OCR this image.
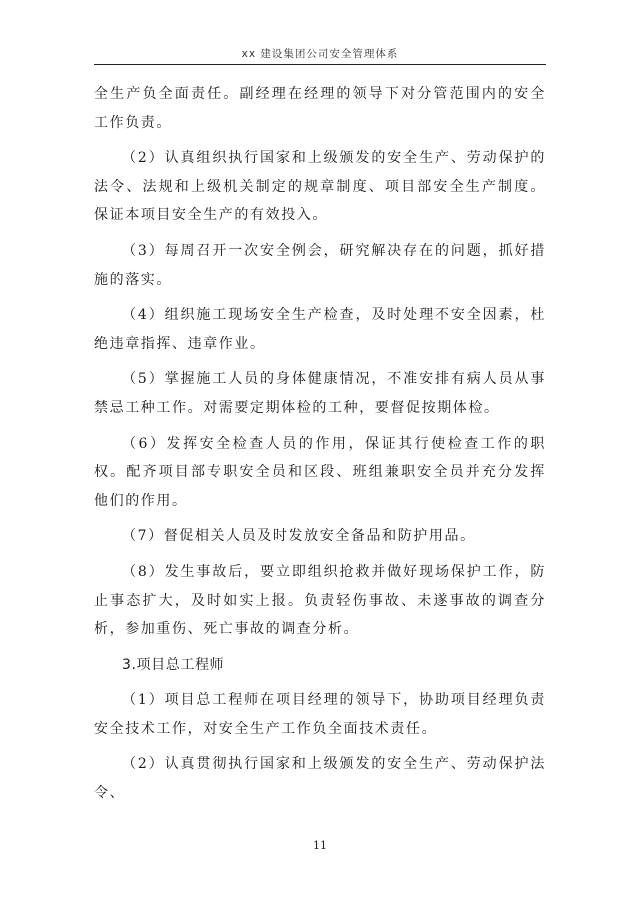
xx 建设集团公司安全管理体系

全生产负全面责任。副经理在经理的领导下对分管范围内的安全工作负责。

（2）认真组织执行国家和上级颁发的安全生产、劳动保护的法令、法规和上级机关制定的规章制度、项目部安全生产制度。保证本项目安全生产的有效投入。

（3）每周召开一次安全例会，研究解决存在的问题，抓好措施的落实。

（4）组织施工现场安全生产检查，及时处理不安全因素，杜绝违章指挥、违章作业。

（5）掌握施工人员的身体健康情况，不准安排有病人员从事禁忌工种工作。对需要定期体检的工种，要督促按期体检。

（6）发挥安全检查人员的作用，保证其行使检查工作的职权。配齐项目部专职安全员和区段、班组兼职安全员并充分发挥他们的作用。

（7）督促相关人员及时发放安全备品和防护用品。

（8）发生事故后，要立即组织抢救并做好现场保护工作，防止事态扩大，及时如实上报。负责轻伤事故、未遂事故的调查分析，参加重伤、死亡事故的调查分析。

3.项目总工程师

（1）项目总工程师在项目经理的领导下，协助项目经理负责安全技术工作，对安全生产工作负全面技术责任。

（2）认真贯彻执行国家和上级颁发的安全生产、劳动保护法令、

11
